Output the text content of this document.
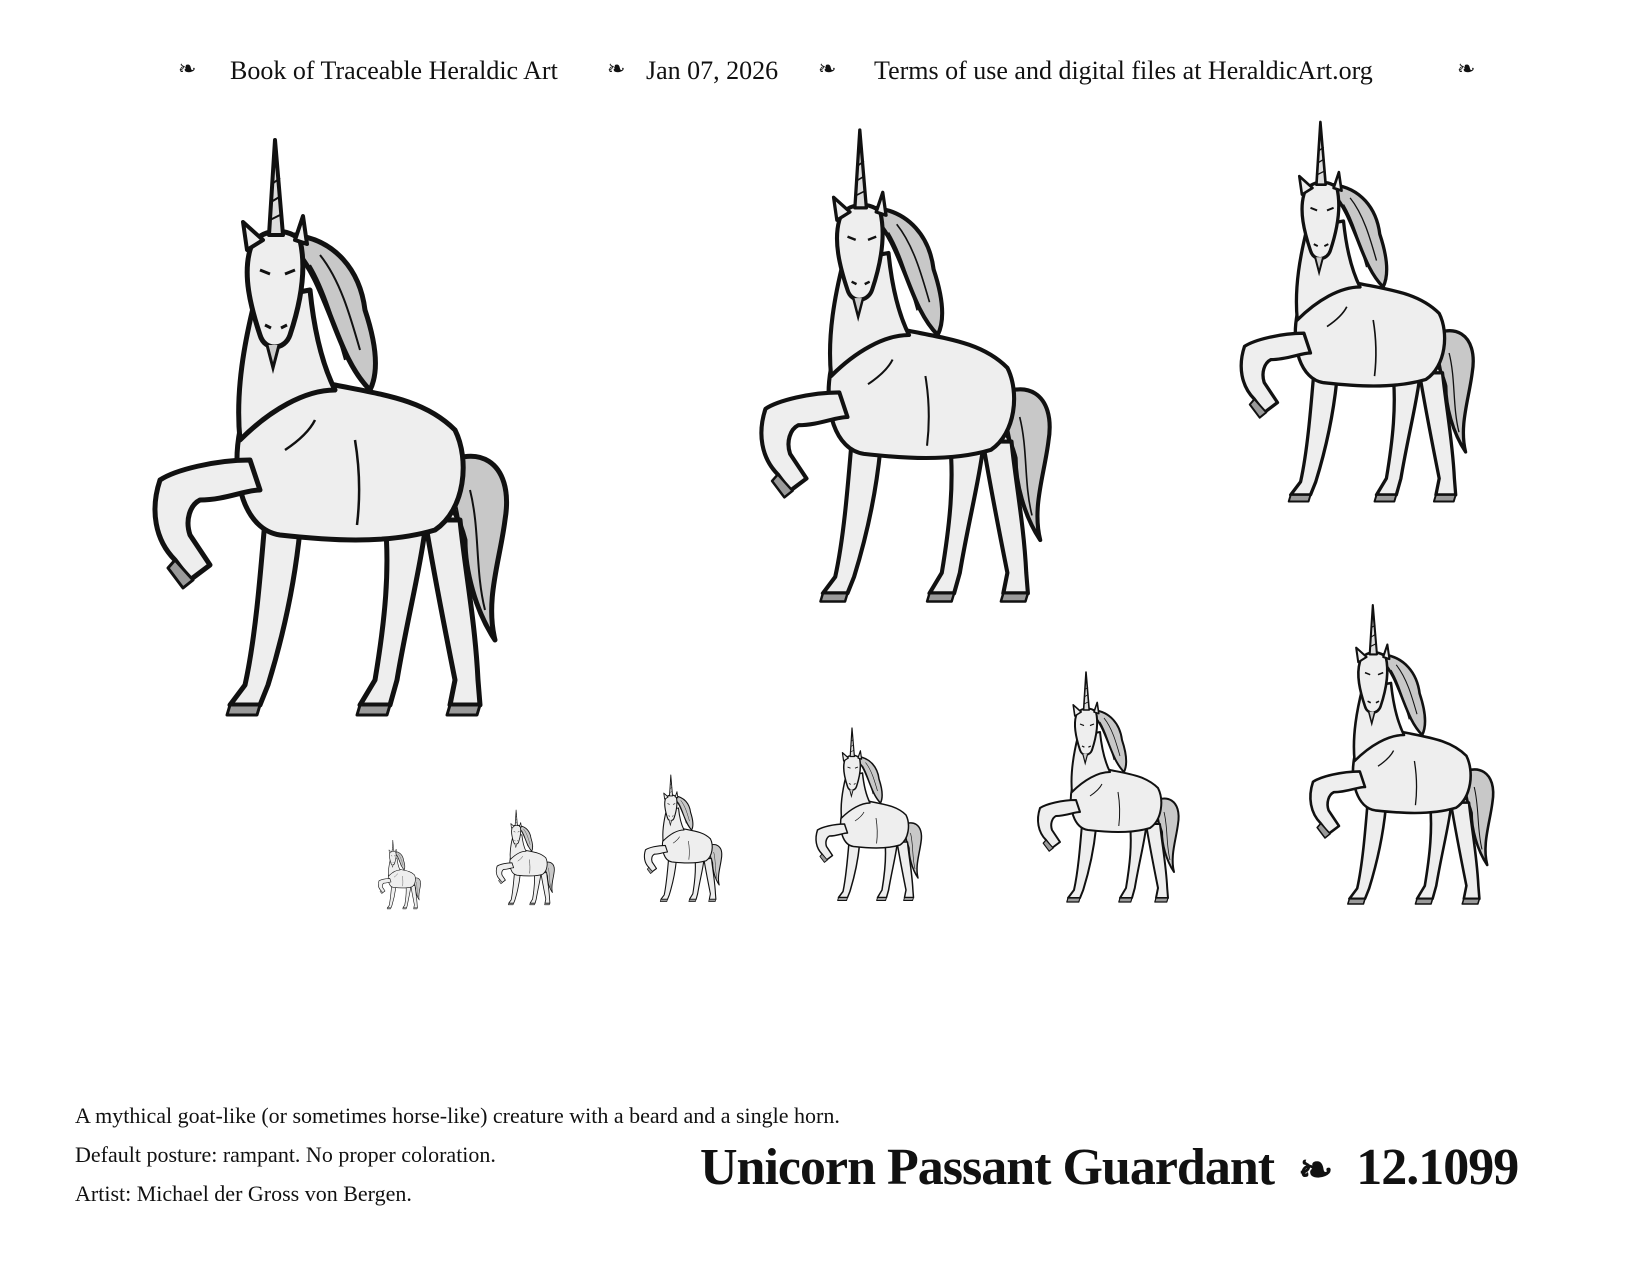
❧ Book of Traceable Heraldic Art ❧ Jan 07, 2026 ❧ Terms of use and digital files at HeraldicArt.org	❧
A mythical goat-like (or sometimes horse-like) creature with a beard and a single horn.
Default posture: rampant. No proper coloration.
Artist: Michael der Gross von Bergen.	Unicorn Passant Guardant ❧ 12.1099
